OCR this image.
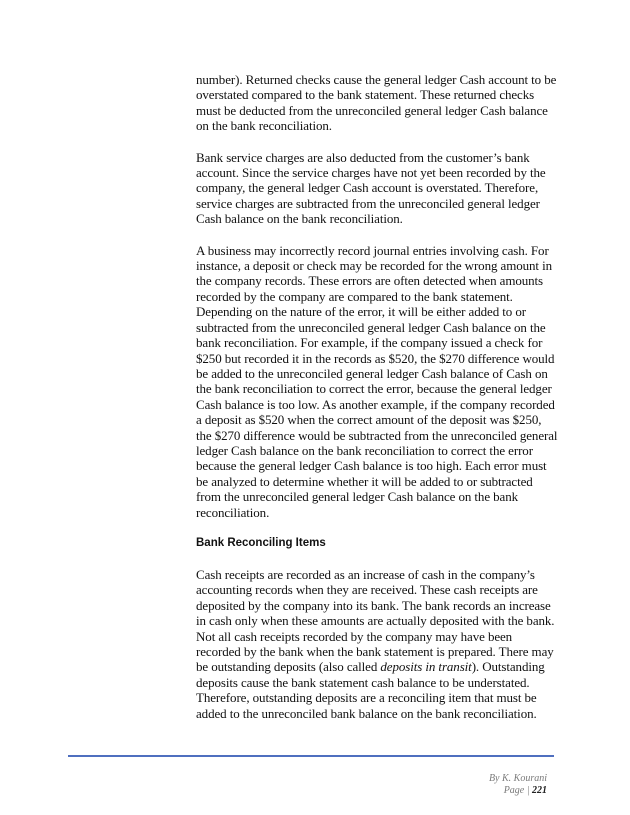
number). Returned checks cause the general ledger Cash account to be overstated compared to the bank statement. These returned checks must be deducted from the unreconciled general ledger Cash balance on the bank reconciliation.

Bank service charges are also deducted from the customer’s bank account. Since the service charges have not yet been recorded by the company, the general ledger Cash account is overstated. Therefore, service charges are subtracted from the unreconciled general ledger Cash balance on the bank reconciliation.

A business may incorrectly record journal entries involving cash. For instance, a deposit or check may be recorded for the wrong amount in the company records. These errors are often detected when amounts recorded by the company are compared to the bank statement. Depending on the nature of the error, it will be either added to or subtracted from the unreconciled general ledger Cash balance on the bank reconciliation. For example, if the company issued a check for $250 but recorded it in the records as $520, the $270 difference would be added to the unreconciled general ledger Cash balance of Cash on the bank reconciliation to correct the error, because the general ledger Cash balance is too low. As another example, if the company recorded a deposit as $520 when the correct amount of the deposit was $250, the $270 difference would be subtracted from the unreconciled general ledger Cash balance on the bank reconciliation to correct the error because the general ledger Cash balance is too high. Each error must be analyzed to determine whether it will be added to or subtracted from the unreconciled general ledger Cash balance on the bank reconciliation.

Bank Reconciling Items

Cash receipts are recorded as an increase of cash in the company’s accounting records when they are received. These cash receipts are deposited by the company into its bank. The bank records an increase in cash only when these amounts are actually deposited with the bank. Not all cash receipts recorded by the company may have been recorded by the bank when the bank statement is prepared. There may be outstanding deposits (also called deposits in transit). Outstanding deposits cause the bank statement cash balance to be understated. Therefore, outstanding deposits are a reconciling item that must be added to the unreconciled bank balance on the bank reconciliation.

By K. Kourani
Page | 221
